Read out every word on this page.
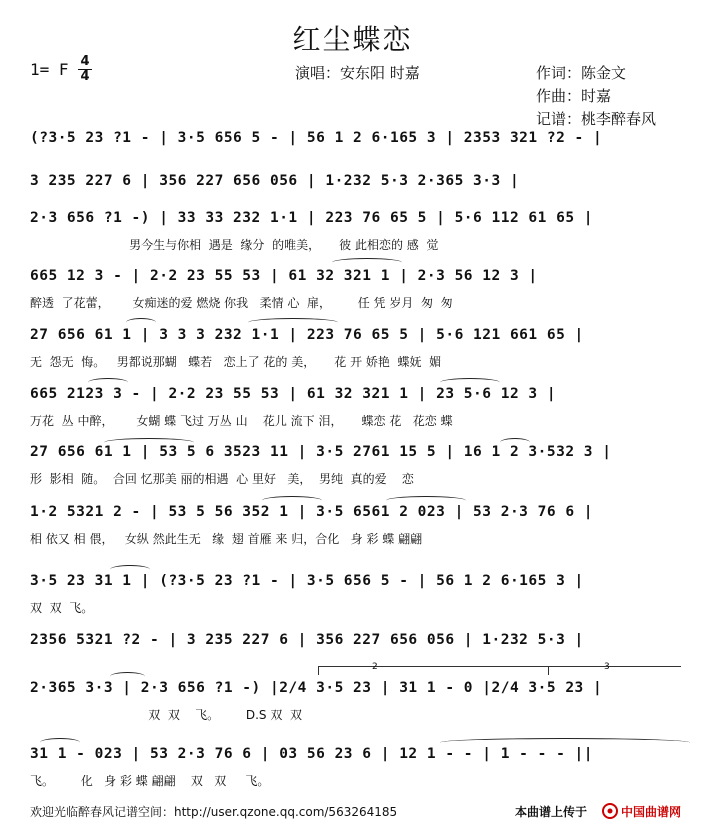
红尘蝶恋
1= F 4
4	演唱：安东阳 时嘉	作词：陈金文
作曲：时嘉
记谱：桃李醉春风
(?3·5 23 ?1 - | 3·5 656 5 - | 56 1 2 6·165 3 | 2353 321 ?2 - |
3 235 227 6 | 356 227 656 056 | 1·232 5·3 2·365 3·3 |
2·3 656 ?1 -) | 33 33 232 1·1 | 223 76 65 5 | 5·6 112 61 65 |
男今生与你相  遇是  缘分  的唯美，     彼 此相恋的 感  觉
665 12 3 - | 2·2 23 55 53 | 61 32 321 1 | 2·3 56 12 3 |
醉透  了花蕾，      女痴迷的爱 燃烧 你我   柔情 心  扉，       任 凭 岁月  匆  匆
27 656 61 1 | 3 3 3 232 1·1 | 223 76 65 5 | 5·6 121 661 65 |
无  怨无  悔。   男都说那蝴   蝶若   恋上了 花的 美，     花 开 娇艳  蝶妩  媚
665 2123 3 - | 2·2 23 55 53 | 61 32 321 1 | 23 5·6 12 3 |
万花  丛 中醉，      女蝴 蝶 飞过 万丛 山    花儿 流下 泪，     蝶恋 花   花恋 蝶
27 656 61 1 | 53 5 6 3523 11 | 3·5 2761 15 5 | 16 1 2 3·532 3 |
形  影相  随。  合回 忆那美 丽的相遇  心 里好   美，  男纯  真的爱    恋
1·2 5321 2 - | 53 5 56 352 1 | 3·5 6561 2 023 | 53 2·3 76 6 |
相 依又 相 偎，   女纵 然此生无   缘  翅 首雁 来 归，合化   身 彩 蝶 翩翩
3·5 23 31 1 | (?3·5 23 ?1 - | 3·5 656 5 - | 56 1 2 6·165 3 |
双  双  飞。
2356 5321 ?2 - | 3 235 227 6 | 356 227 656 056 | 1·232 5·3 |
2·365 3·3 | 2·3 656 ?1 -) |2/4 3·5 23 | 31 1 - 0 |2/4 3·5 23 |
双  双    飞。       D.S 双  双
31 1 - 023 | 53 2·3 76 6 | 03 56 23 6 | 12 1 - - | 1 - - - ||
飞。       化   身 彩 蝶 翩翩    双   双     飞。
2	3
欢迎光临醉春风记谱空间：http://user.qzone.qq.com/563264185	本曲谱上传于	中国曲谱网
